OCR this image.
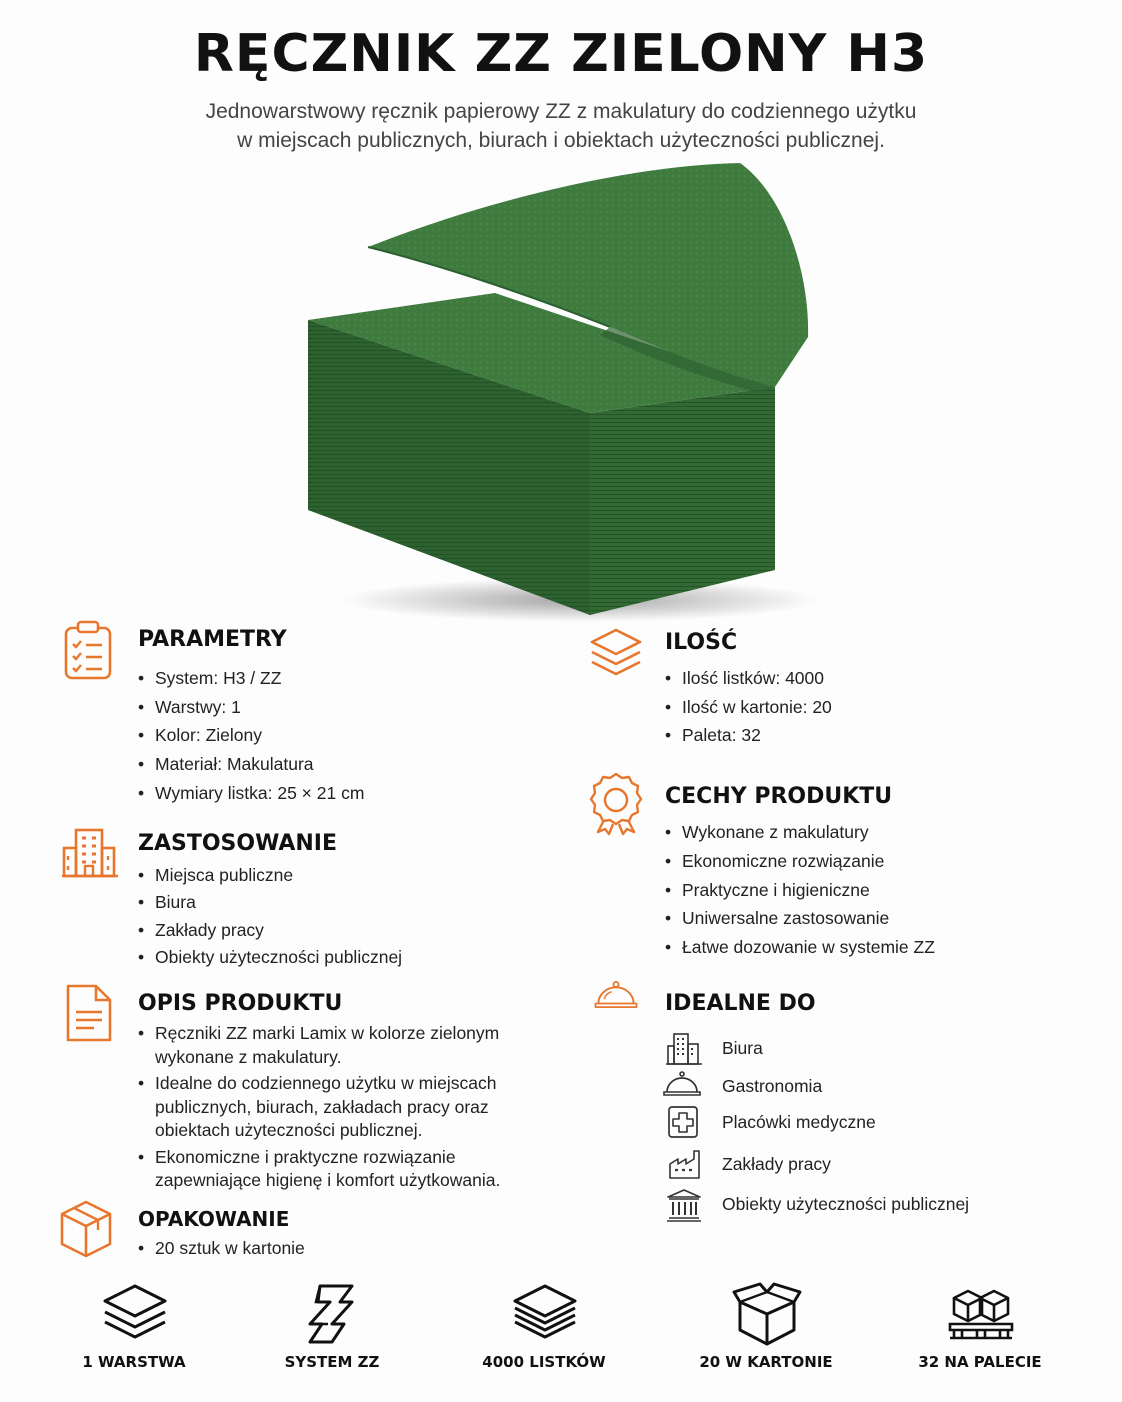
RĘCZNIK ZZ ZIELONY H3
Jednowarstwowy ręcznik papierowy ZZ z makulatury do codziennego użytku
w miejscach publicznych, biurach i obiektach użyteczności publicznej.
PARAMETRY
• System: H3 / ZZ
• Warstwy: 1
• Kolor: Zielony
• Materiał: Makulatura
• Wymiary listka: 25 × 21 cm
ZASTOSOWANIE
• Miejsca publiczne
• Biura
• Zakłady pracy
• Obiekty użyteczności publicznej
OPIS PRODUKTU
• Ręczniki ZZ marki Lamix w kolorze zielonym wykonane z makulatury.
• Idealne do codziennego użytku w miejscach publicznych, biurach, zakładach pracy oraz obiektach użyteczności publicznej.
• Ekonomiczne i praktyczne rozwiązanie zapewniające higienę i komfort użytkowania.
OPAKOWANIE
• 20 sztuk w kartonie
ILOŚĆ
• Ilość listków: 4000
• Ilość w kartonie: 20
• Paleta: 32
CECHY PRODUKTU
• Wykonane z makulatury
• Ekonomiczne rozwiązanie
• Praktyczne i higieniczne
• Uniwersalne zastosowanie
• Łatwe dozowanie w systemie ZZ
IDEALNE DO
Biura
Gastronomia
Placówki medyczne
Zakłady pracy
Obiekty użyteczności publicznej
1 WARSTWA	SYSTEM ZZ	4000 LISTKÓW	20 W KARTONIE	32 NA PALECIE
